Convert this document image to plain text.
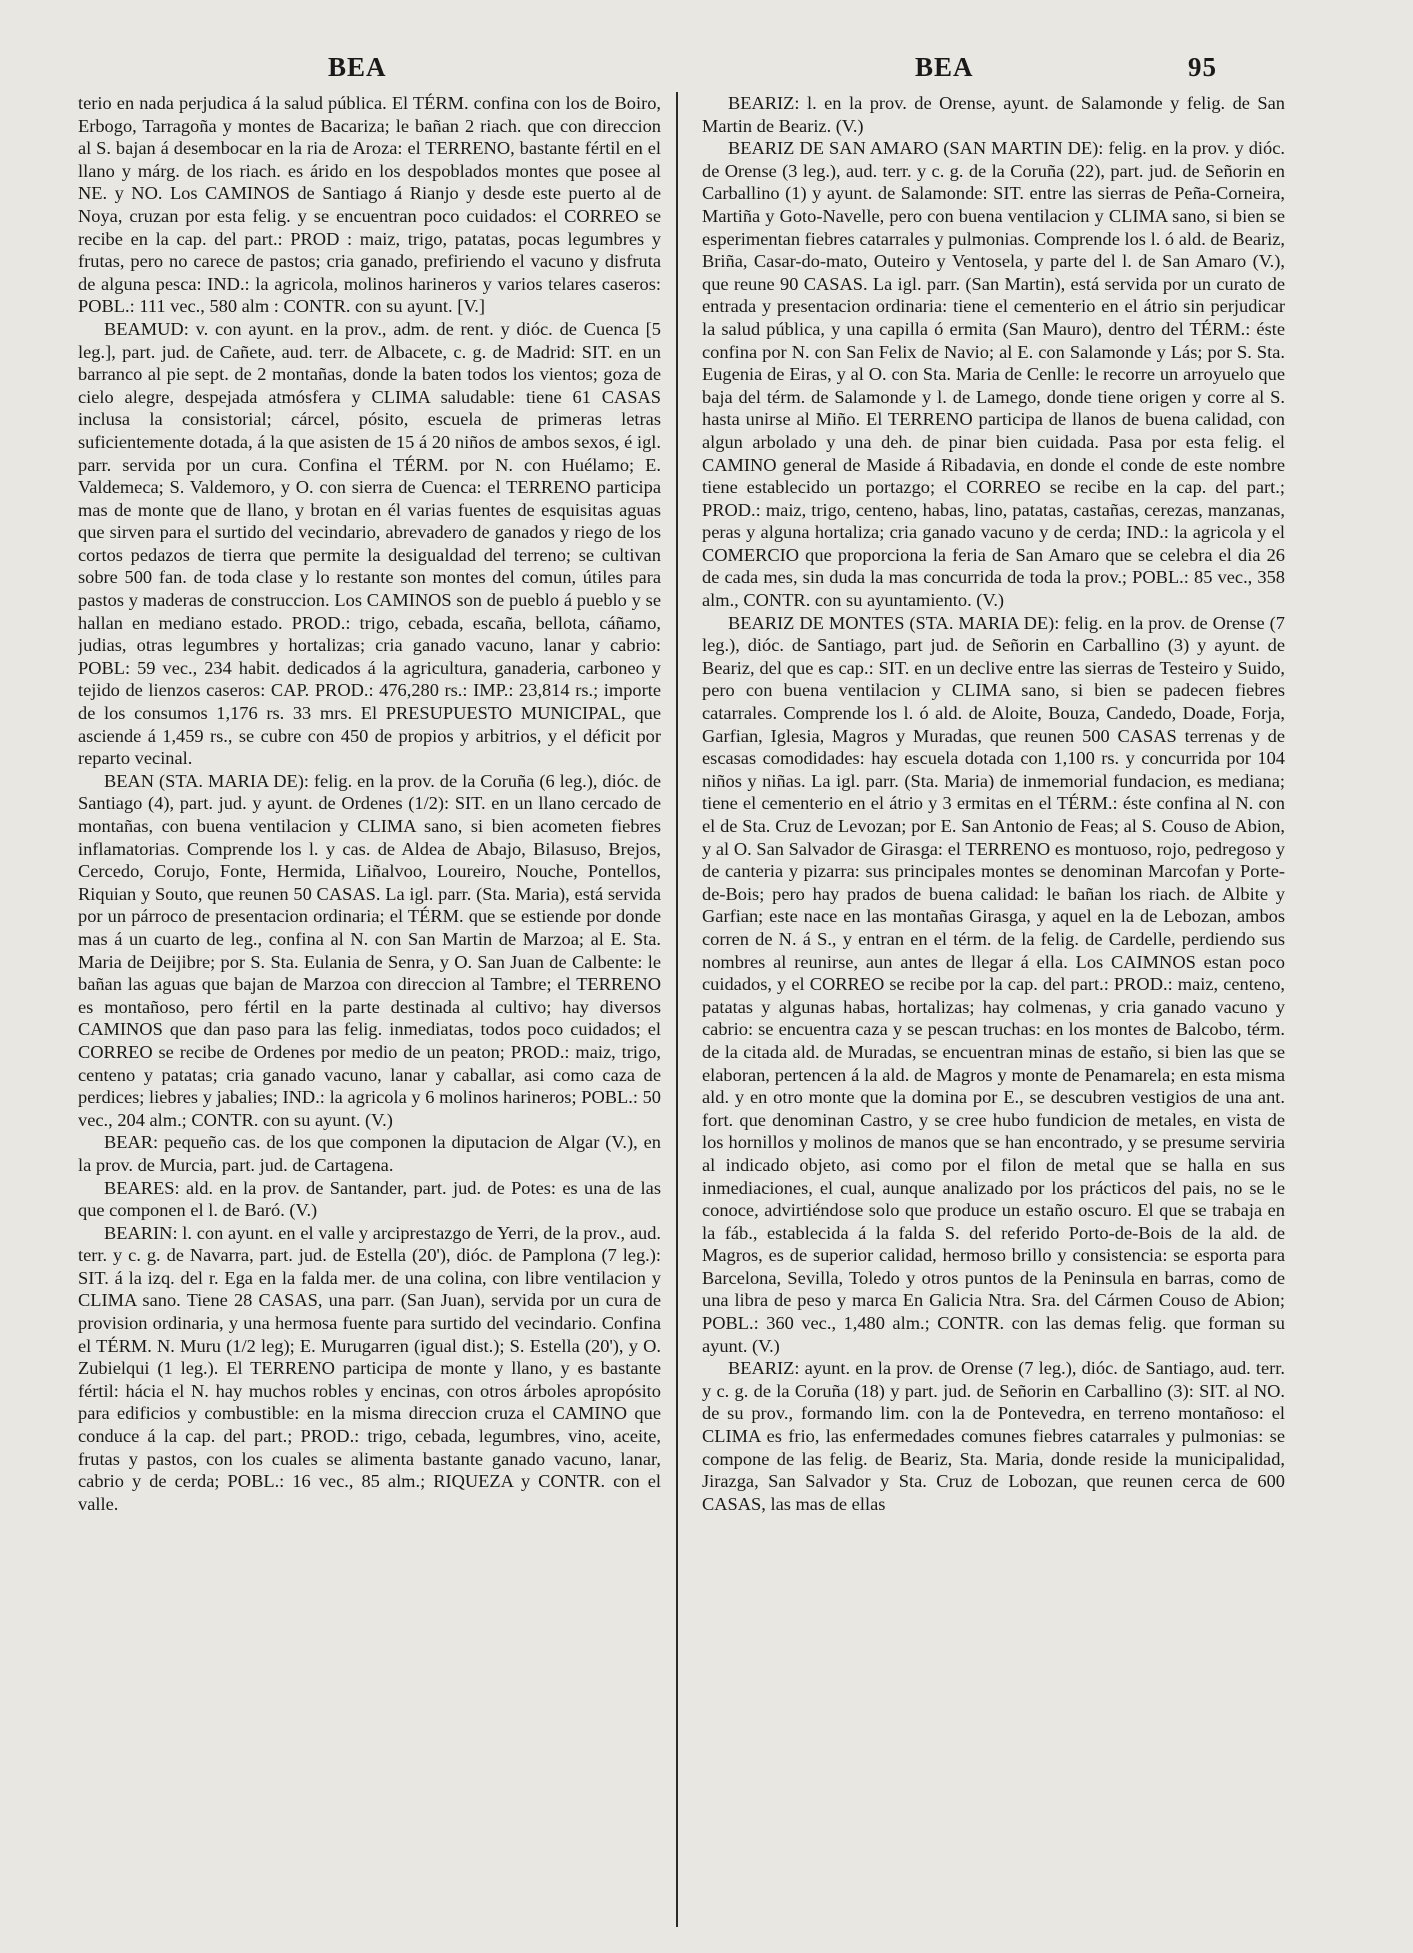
BEA	BEA	95

terio en nada perjudica á la salud pública. El TÉRM. confina con los de Boiro, Erbogo, Tarragoña y montes de Bacariza; le bañan 2 riach. que con direccion al S. bajan á desembocar en la ria de Aroza: el TERRENO, bastante fértil en el llano y márg. de los riach. es árido en los despoblados montes que posee al NE. y NO. Los CAMINOS de Santiago á Rianjo y desde este puerto al de Noya, cruzan por esta felig. y se encuentran poco cuidados: el CORREO se recibe en la cap. del part.: PROD : maiz, trigo, patatas, pocas legumbres y frutas, pero no carece de pastos; cria ganado, prefiriendo el vacuno y disfruta de alguna pesca: IND.: la agricola, molinos harineros y varios telares caseros: POBL.: 111 vec., 580 alm : CONTR. con su ayunt. [V.]

BEAMUD: v. con ayunt. en la prov., adm. de rent. y dióc. de Cuenca [5 leg.], part. jud. de Cañete, aud. terr. de Albacete, c. g. de Madrid: SIT. en un barranco al pie sept. de 2 montañas, donde la baten todos los vientos; goza de cielo alegre, despejada atmósfera y CLIMA saludable: tiene 61 CASAS inclusa la consistorial; cárcel, pósito, escuela de primeras letras suficientemente dotada, á la que asisten de 15 á 20 niños de ambos sexos, é igl. parr. servida por un cura. Confina el TÉRM. por N. con Huélamo; E. Valdemeca; S. Valdemoro, y O. con sierra de Cuenca: el TERRENO participa mas de monte que de llano, y brotan en él varias fuentes de esquisitas aguas que sirven para el surtido del vecindario, abrevadero de ganados y riego de los cortos pedazos de tierra que permite la desigualdad del terreno; se cultivan sobre 500 fan. de toda clase y lo restante son montes del comun, útiles para pastos y maderas de construccion. Los CAMINOS son de pueblo á pueblo y se hallan en mediano estado. PROD.: trigo, cebada, escaña, bellota, cáñamo, judias, otras legumbres y hortalizas; cria ganado vacuno, lanar y cabrio: POBL: 59 vec., 234 habit. dedicados á la agricultura, ganaderia, carboneo y tejido de lienzos caseros: CAP. PROD.: 476,280 rs.: IMP.: 23,814 rs.; importe de los consumos 1,176 rs. 33 mrs. El PRESUPUESTO MUNICIPAL, que asciende á 1,459 rs., se cubre con 450 de propios y arbitrios, y el déficit por reparto vecinal.

BEAN (STA. MARIA DE): felig. en la prov. de la Coruña (6 leg.), dióc. de Santiago (4), part. jud. y ayunt. de Ordenes (1/2): SIT. en un llano cercado de montañas, con buena ventilacion y CLIMA sano, si bien acometen fiebres inflamatorias. Comprende los l. y cas. de Aldea de Abajo, Bilasuso, Brejos, Cercedo, Corujo, Fonte, Hermida, Liñalvoo, Loureiro, Nouche, Pontellos, Riquian y Souto, que reunen 50 CASAS. La igl. parr. (Sta. Maria), está servida por un párroco de presentacion ordinaria; el TÉRM. que se estiende por donde mas á un cuarto de leg., confina al N. con San Martin de Marzoa; al E. Sta. Maria de Deijibre; por S. Sta. Eulania de Senra, y O. San Juan de Calbente: le bañan las aguas que bajan de Marzoa con direccion al Tambre; el TERRENO es montañoso, pero fértil en la parte destinada al cultivo; hay diversos CAMINOS que dan paso para las felig. inmediatas, todos poco cuidados; el CORREO se recibe de Ordenes por medio de un peaton; PROD.: maiz, trigo, centeno y patatas; cria ganado vacuno, lanar y caballar, asi como caza de perdices; liebres y jabalies; IND.: la agricola y 6 molinos harineros; POBL.: 50 vec., 204 alm.; CONTR. con su ayunt. (V.)

BEAR: pequeño cas. de los que componen la diputacion de Algar (V.), en la prov. de Murcia, part. jud. de Cartagena.

BEARES: ald. en la prov. de Santander, part. jud. de Potes: es una de las que componen el l. de Baró. (V.)

BEARIN: l. con ayunt. en el valle y arciprestazgo de Yerri, de la prov., aud. terr. y c. g. de Navarra, part. jud. de Estella (20'), dióc. de Pamplona (7 leg.): SIT. á la izq. del r. Ega en la falda mer. de una colina, con libre ventilacion y CLIMA sano. Tiene 28 CASAS, una parr. (San Juan), servida por un cura de provision ordinaria, y una hermosa fuente para surtido del vecindario. Confina el TÉRM. N. Muru (1/2 leg); E. Murugarren (igual dist.); S. Estella (20'), y O. Zubielqui (1 leg.). El TERRENO participa de monte y llano, y es bastante fértil: hácia el N. hay muchos robles y encinas, con otros árboles apropósito para edificios y combustible: en la misma direccion cruza el CAMINO que conduce á la cap. del part.; PROD.: trigo, cebada, legumbres, vino, aceite, frutas y pastos, con los cuales se alimenta bastante ganado vacuno, lanar, cabrio y de cerda; POBL.: 16 vec., 85 alm.; RIQUEZA y CONTR. con el valle.

BEARIZ: l. en la prov. de Orense, ayunt. de Salamonde y felig. de San Martin de Beariz. (V.)

BEARIZ DE SAN AMARO (SAN MARTIN DE): felig. en la prov. y dióc. de Orense (3 leg.), aud. terr. y c. g. de la Coruña (22), part. jud. de Señorin en Carballino (1) y ayunt. de Salamonde: SIT. entre las sierras de Peña-Corneira, Martiña y Goto-Navelle, pero con buena ventilacion y CLIMA sano, si bien se esperimentan fiebres catarrales y pulmonias. Comprende los l. ó ald. de Beariz, Briña, Casar-do-mato, Outeiro y Ventosela, y parte del l. de San Amaro (V.), que reune 90 CASAS. La igl. parr. (San Martin), está servida por un curato de entrada y presentacion ordinaria: tiene el cementerio en el átrio sin perjudicar la salud pública, y una capilla ó ermita (San Mauro), dentro del TÉRM.: éste confina por N. con San Felix de Navio; al E. con Salamonde y Lás; por S. Sta. Eugenia de Eiras, y al O. con Sta. Maria de Cenlle: le recorre un arroyuelo que baja del térm. de Salamonde y l. de Lamego, donde tiene origen y corre al S. hasta unirse al Miño. El TERRENO participa de llanos de buena calidad, con algun arbolado y una deh. de pinar bien cuidada. Pasa por esta felig. el CAMINO general de Maside á Ribadavia, en donde el conde de este nombre tiene establecido un portazgo; el CORREO se recibe en la cap. del part.; PROD.: maiz, trigo, centeno, habas, lino, patatas, castañas, cerezas, manzanas, peras y alguna hortaliza; cria ganado vacuno y de cerda; IND.: la agricola y el COMERCIO que proporciona la feria de San Amaro que se celebra el dia 26 de cada mes, sin duda la mas concurrida de toda la prov.; POBL.: 85 vec., 358 alm., CONTR. con su ayuntamiento. (V.)

BEARIZ DE MONTES (STA. MARIA DE): felig. en la prov. de Orense (7 leg.), dióc. de Santiago, part jud. de Señorin en Carballino (3) y ayunt. de Beariz, del que es cap.: SIT. en un declive entre las sierras de Testeiro y Suido, pero con buena ventilacion y CLIMA sano, si bien se padecen fiebres catarrales. Comprende los l. ó ald. de Aloite, Bouza, Candedo, Doade, Forja, Garfian, Iglesia, Magros y Muradas, que reunen 500 CASAS terrenas y de escasas comodidades: hay escuela dotada con 1,100 rs. y concurrida por 104 niños y niñas. La igl. parr. (Sta. Maria) de inmemorial fundacion, es mediana; tiene el cementerio en el átrio y 3 ermitas en el TÉRM.: éste confina al N. con el de Sta. Cruz de Levozan; por E. San Antonio de Feas; al S. Couso de Abion, y al O. San Salvador de Girasga: el TERRENO es montuoso, rojo, pedregoso y de canteria y pizarra: sus principales montes se denominan Marcofan y Porte-de-Bois; pero hay prados de buena calidad: le bañan los riach. de Albite y Garfian; este nace en las montañas Girasga, y aquel en la de Lebozan, ambos corren de N. á S., y entran en el térm. de la felig. de Cardelle, perdiendo sus nombres al reunirse, aun antes de llegar á ella. Los CAIMNOS estan poco cuidados, y el CORREO se recibe por la cap. del part.: PROD.: maiz, centeno, patatas y algunas habas, hortalizas; hay colmenas, y cria ganado vacuno y cabrio: se encuentra caza y se pescan truchas: en los montes de Balcobo, térm. de la citada ald. de Muradas, se encuentran minas de estaño, si bien las que se elaboran, pertencen á la ald. de Magros y monte de Penamarela; en esta misma ald. y en otro monte que la domina por E., se descubren vestigios de una ant. fort. que denominan Castro, y se cree hubo fundicion de metales, en vista de los hornillos y molinos de manos que se han encontrado, y se presume serviria al indicado objeto, asi como por el filon de metal que se halla en sus inmediaciones, el cual, aunque analizado por los prácticos del pais, no se le conoce, advirtiéndose solo que produce un estaño oscuro. El que se trabaja en la fáb., establecida á la falda S. del referido Porto-de-Bois de la ald. de Magros, es de superior calidad, hermoso brillo y consistencia: se esporta para Barcelona, Sevilla, Toledo y otros puntos de la Peninsula en barras, como de una libra de peso y marca En Galicia Ntra. Sra. del Cármen Couso de Abion; POBL.: 360 vec., 1,480 alm.; CONTR. con las demas felig. que forman su ayunt. (V.)

BEARIZ: ayunt. en la prov. de Orense (7 leg.), dióc. de Santiago, aud. terr. y c. g. de la Coruña (18) y part. jud. de Señorin en Carballino (3): SIT. al NO. de su prov., formando lim. con la de Pontevedra, en terreno montañoso: el CLIMA es frio, las enfermedades comunes fiebres catarrales y pulmonias: se compone de las felig. de Beariz, Sta. Maria, donde reside la municipalidad, Jirazga, San Salvador y Sta. Cruz de Lobozan, que reunen cerca de 600 CASAS, las mas de ellas
